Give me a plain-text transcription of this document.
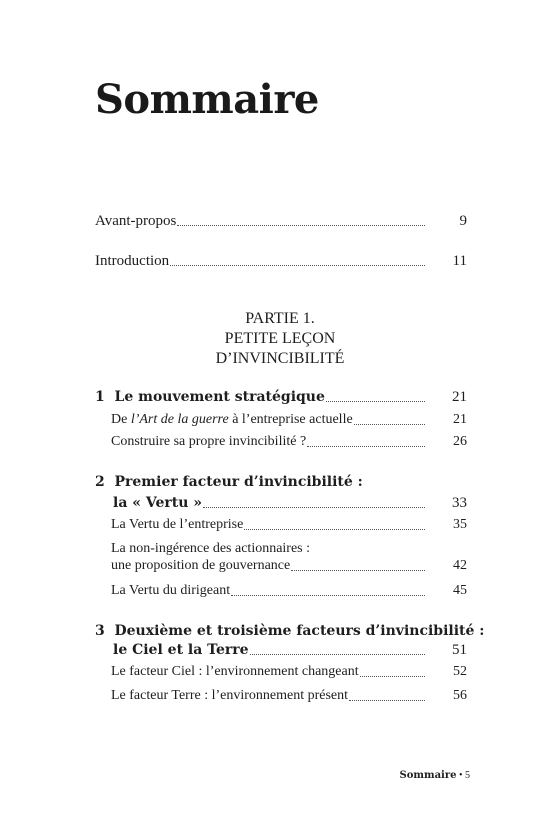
Sommaire
Avant-propos	9
Introduction	11
PARTIE 1.
PETITE LEÇON
D’INVINCIBILITÉ
1 Le mouvement stratégique	21
De l’Art de la guerre à l’entreprise actuelle	21
Construire sa propre invincibilité ?	26
2 Premier facteur d’invincibilité :
la « Vertu »	33
La Vertu de l’entreprise	35
La non-ingérence des actionnaires :
une proposition de gouvernance	42
La Vertu du dirigeant	45
3 Deuxième et troisième facteurs d’invincibilité :
le Ciel et la Terre	51
Le facteur Ciel : l’environnement changeant	52
Le facteur Terre : l’environnement présent	56
Sommaire • 5
